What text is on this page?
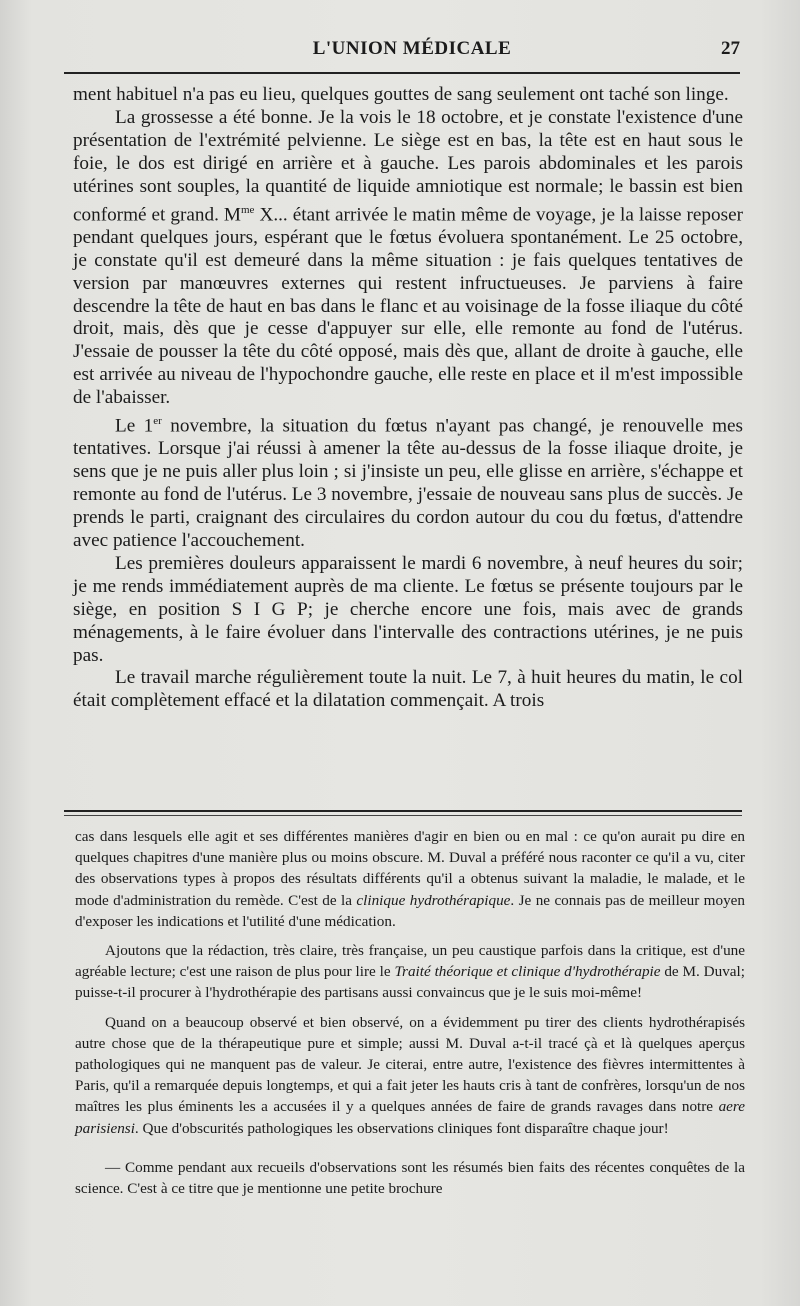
L'UNION MÉDICALE	27

ment habituel n'a pas eu lieu, quelques gouttes de sang seulement ont taché son linge.

La grossesse a été bonne. Je la vois le 18 octobre, et je constate l'existence d'une présentation de l'extrémité pelvienne. Le siège est en bas, la tête est en haut sous le foie, le dos est dirigé en arrière et à gauche. Les parois abdominales et les parois utérines sont souples, la quantité de liquide amniotique est normale; le bassin est bien conformé et grand. $M^{me}$ X... étant arrivée le matin même de voyage, je la laisse reposer pendant quelques jours, espérant que le fœtus évoluera spontanément. Le 25 octobre, je constate qu'il est demeuré dans la même situation : je fais quelques tentatives de version par manœuvres externes qui restent infructueuses. Je parviens à faire descendre la tête de haut en bas dans le flanc et au voisinage de la fosse iliaque du côté droit, mais, dès que je cesse d'appuyer sur elle, elle remonte au fond de l'utérus. J'essaie de pousser la tête du côté opposé, mais dès que, allant de droite à gauche, elle est arrivée au niveau de l'hypochondre gauche, elle reste en place et il m'est impossible de l'abaisser.

Le 1er novembre, la situation du fœtus n'ayant pas changé, je renouvelle mes tentatives. Lorsque j'ai réussi à amener la tête au-dessus de la fosse iliaque droite, je sens que je ne puis aller plus loin ; si j'insiste un peu, elle glisse en arrière, s'échappe et remonte au fond de l'utérus. Le 3 novembre, j'essaie de nouveau sans plus de succès. Je prends le parti, craignant des circulaires du cordon autour du cou du fœtus, d'attendre avec patience l'accouchement.

Les premières douleurs apparaissent le mardi 6 novembre, à neuf heures du soir; je me rends immédiatement auprès de ma cliente. Le fœtus se présente toujours par le siège, en position S I G P; je cherche encore une fois, mais avec de grands ménagements, à le faire évoluer dans l'intervalle des contractions utérines, je ne puis pas.

Le travail marche régulièrement toute la nuit. Le 7, à huit heures du matin, le col était complètement effacé et la dilatation commençait. A trois

cas dans lesquels elle agit et ses différentes manières d'agir en bien ou en mal : ce qu'on aurait pu dire en quelques chapitres d'une manière plus ou moins obscure. M. Duval a préféré nous raconter ce qu'il a vu, citer des observations types à propos des résultats différents qu'il a obtenus suivant la maladie, le malade, et le mode d'administration du remède. C'est de la clinique hydrothérapique. Je ne connais pas de meilleur moyen d'exposer les indications et l'utilité d'une médication.

Ajoutons que la rédaction, très claire, très française, un peu caustique parfois dans la critique, est d'une agréable lecture; c'est une raison de plus pour lire le Traité théorique et clinique d'hydrothérapie de M. Duval; puisse-t-il procurer à l'hydrothérapie des partisans aussi convaincus que je le suis moi-même!

Quand on a beaucoup observé et bien observé, on a évidemment pu tirer des clients hydrothérapisés autre chose que de la thérapeutique pure et simple; aussi M. Duval a-t-il tracé çà et là quelques aperçus pathologiques qui ne manquent pas de valeur. Je citerai, entre autre, l'existence des fièvres intermittentes à Paris, qu'il a remarquée depuis longtemps, et qui a fait jeter les hauts cris à tant de confrères, lorsqu'un de nos maîtres les plus éminents les a accusées il y a quelques années de faire de grands ravages dans notre aere parisiensi. Que d'obscurités pathologiques les observations cliniques font disparaître chaque jour!

— Comme pendant aux recueils d'observations sont les résumés bien faits des récentes conquêtes de la science. C'est à ce titre que je mentionne une petite brochure
